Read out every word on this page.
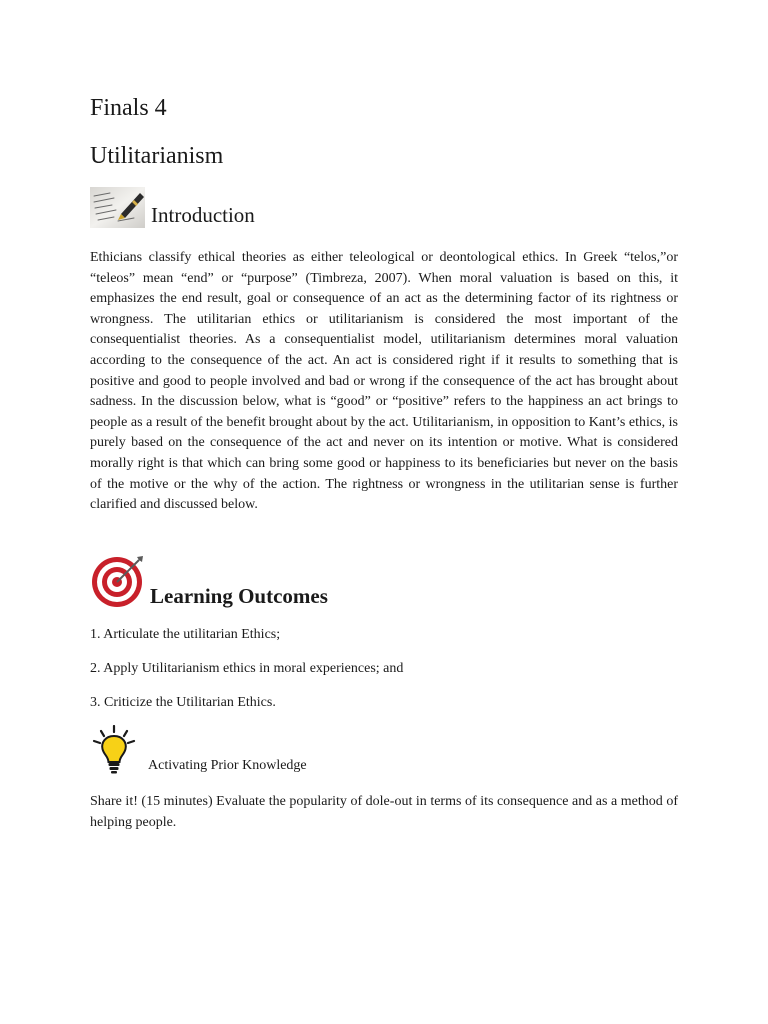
Finals 4
Utilitarianism
Introduction

Ethicians classify ethical theories as either teleological or deontological ethics. In Greek “telos,”or “teleos” mean “end” or “purpose” (Timbreza, 2007). When moral valuation is based on this, it emphasizes the end result, goal or consequence of an act as the determining factor of its rightness or wrongness. The utilitarian ethics or utilitarianism is considered the most important of the consequentialist theories. As a consequentialist model, utilitarianism determines moral valuation according to the consequence of the act. An act is considered right if it results to something that is positive and good to people involved and bad or wrong if the consequence of the act has brought about sadness. In the discussion below, what is “good” or “positive” refers to the happiness an act brings to people as a result of the benefit brought about by the act. Utilitarianism, in opposition to Kant’s ethics, is purely based on the consequence of the act and never on its intention or motive. What is considered morally right is that which can bring some good or happiness to its beneficiaries but never on the basis of the motive or the why of the action. The rightness or wrongness in the utilitarian sense is further clarified and discussed below.

Learning Outcomes

1. Articulate the utilitarian Ethics;

2. Apply Utilitarianism ethics in moral experiences; and

3. Criticize the Utilitarian Ethics.

Activating Prior Knowledge

Share it! (15 minutes) Evaluate the popularity of dole-out in terms of its consequence and as a method of helping people.
